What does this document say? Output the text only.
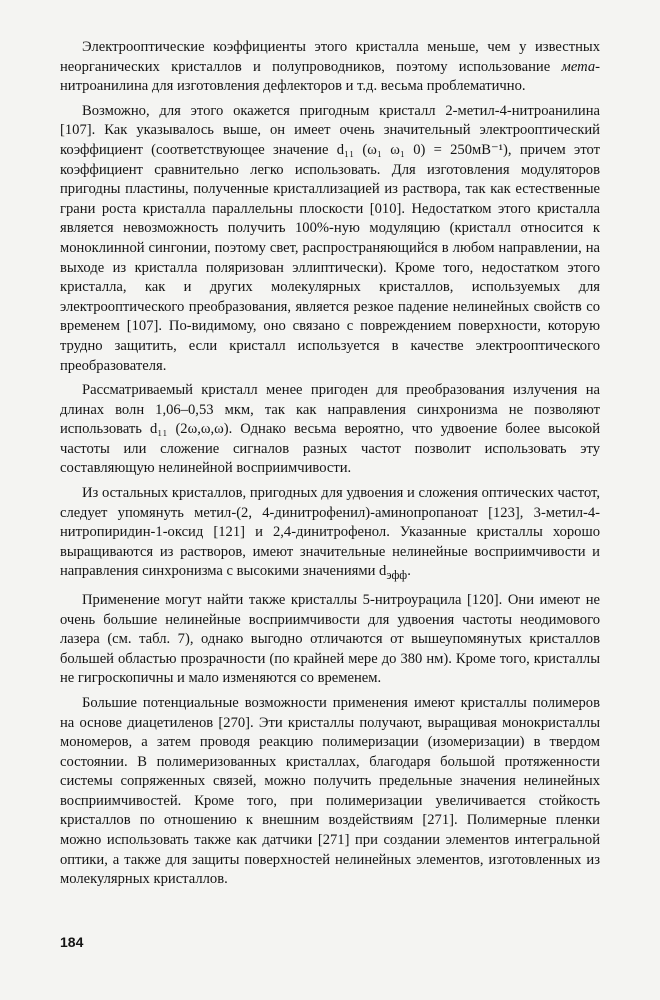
Электрооптические коэффициенты этого кристалла меньше, чем у известных неорганических кристаллов и полупроводников, поэтому использование мета-нитроанилина для изготовления дефлекторов и т.д. весьма проблематично.

Возможно, для этого окажется пригодным кристалл 2-метил-4-нитроанилина [107]. Как указывалось выше, он имеет очень значительный электрооптический коэффициент (соответствующее значение d₁₁ (ω₁ ω₁ 0) = 250мВ⁻¹), причем этот коэффициент сравнительно легко использовать. Для изготовления модуляторов пригодны пластины, полученные кристаллизацией из раствора, так как естественные грани роста кристалла параллельны плоскости [010]. Недостатком этого кристалла является невозможность получить 100%-ную модуляцию (кристалл относится к моноклинной сингонии, поэтому свет, распространяющийся в любом направлении, на выходе из кристалла поляризован эллиптически). Кроме того, недостатком этого кристалла, как и других молекулярных кристаллов, используемых для электрооптического преобразования, является резкое падение нелинейных свойств со временем [107]. По-видимому, оно связано с повреждением поверхности, которую трудно защитить, если кристалл используется в качестве электрооптического преобразователя.

Рассматриваемый кристалл менее пригоден для преобразования излучения на длинах волн 1,06–0,53 мкм, так как направления синхронизма не позволяют использовать d₁₁ (2ω,ω,ω). Однако весьма вероятно, что удвоение более высокой частоты или сложение сигналов разных частот позволит использовать эту составляющую нелинейной восприимчивости.

Из остальных кристаллов, пригодных для удвоения и сложения оптических частот, следует упомянуть метил-(2, 4-динитрофенил)-аминопропаноат [123], 3-метил-4-нитропиридин-1-оксид [121] и 2,4-динитрофенол. Указанные кристаллы хорошо выращиваются из растворов, имеют значительные нелинейные восприимчивости и направления синхронизма с высокими значениями $d_{эфф}$.

Применение могут найти также кристаллы 5-нитроурацила [120]. Они имеют не очень большие нелинейные восприимчивости для удвоения частоты неодимового лазера (см. табл. 7), однако выгодно отличаются от вышеупомянутых кристаллов большей областью прозрачности (по крайней мере до 380 нм). Кроме того, кристаллы не гигроскопичны и мало изменяются со временем.

Большие потенциальные возможности применения имеют кристаллы полимеров на основе диацетиленов [270]. Эти кристаллы получают, выращивая монокристаллы мономеров, а затем проводя реакцию полимеризации (изомеризации) в твердом состоянии. В полимеризованных кристаллах, благодаря большой протяженности системы сопряженных связей, можно получить предельные значения нелинейных восприимчивостей. Кроме того, при полимеризации увеличивается стойкость кристаллов по отношению к внешним воздействиям [271]. Полимерные пленки можно использовать также как датчики [271] при создании элементов интегральной оптики, а также для защиты поверхностей нелинейных элементов, изготовленных из молекулярных кристаллов.

184
